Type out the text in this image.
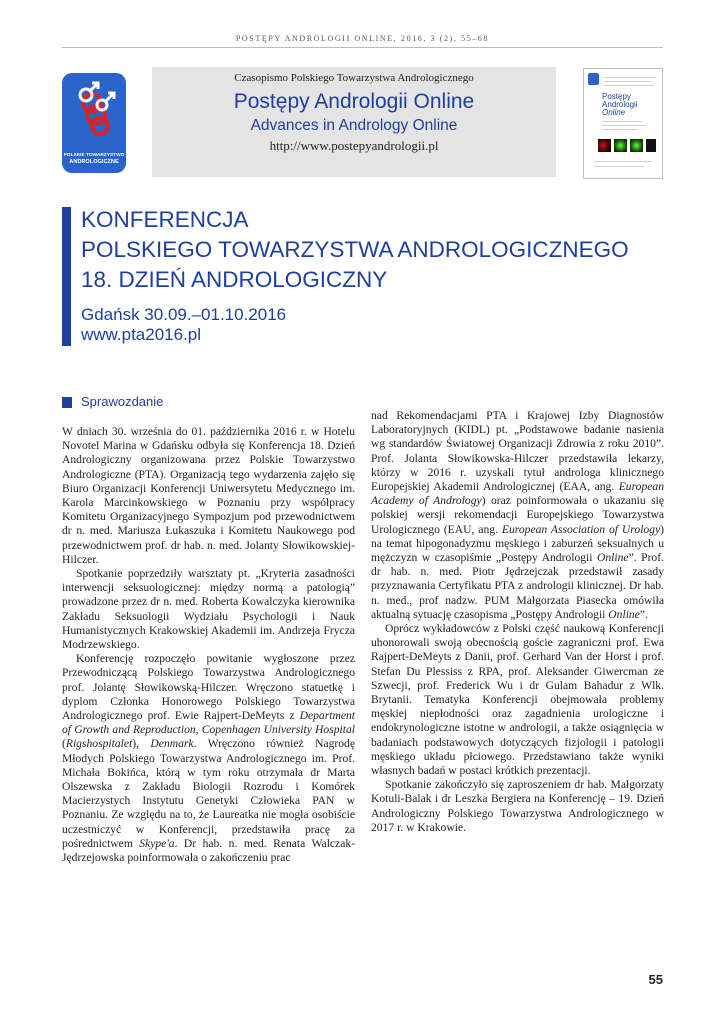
POSTĘPY ANDROLOGII ONLINE, 2016, 3 (2), 55–68
POLSKIE TOWARZYSTWO
ANDROLOGICZNE
Czasopismo Polskiego Towarzystwa Andrologicznego
Postępy Andrologii Online
Advances in Andrology Online
http://www.postepyandrologii.pl
Postępy
Andrologii
Online
KONFERENCJA
POLSKIEGO TOWARZYSTWA ANDROLOGICZNEGO
18. DZIEŃ ANDROLOGICZNY
Gdańsk 30.09.–01.10.2016
www.pta2016.pl
Sprawozdanie

W dniach 30. września do 01. października 2016 r. w Hotelu Novotel Marina w Gdańsku odbyła się Konferencja 18. Dzień Andrologiczny organizowana przez Polskie Towarzystwo Andrologiczne (PTA). Organizacją tego wydarzenia zajęło się Biuro Organizacji Konferencji Uniwersytetu Medycznego im. Karola Marcinkowskiego w Poznaniu przy współpracy Komitetu Organizacyjnego Sympozjum pod przewodnictwem dr n. med. Mariusza Łukaszuka i Komitetu Naukowego pod przewodnictwem prof. dr hab. n. med. Jolanty Słowikowskiej-Hilczer.

Spotkanie poprzedziły warsztaty pt. „Kryteria zasadności interwencji seksuologicznej: między normą a patologią” prowadzone przez dr n. med. Roberta Kowalczyka kierownika Zakładu Seksuologii Wydziału Psychologii i Nauk Humanistycznych Krakowskiej Akademii im. Andrzeja Frycza Modrzewskiego.

Konferencję rozpoczęło powitanie wygłoszone przez Przewodniczącą Polskiego Towarzystwa Andrologicznego prof. Jolantę Słowikowską-Hilczer. Wręczono statuetkę i dyplom Członka Honorowego Polskiego Towarzystwa Andrologicznego prof. Ewie Rajpert-DeMeyts z Department of Growth and Reproduction, Copenhagen University Hospital (Rigshospitalet), Denmark. Wręczono również Nagrodę Młodych Polskiego Towarzystwa Andrologicznego im. Prof. Michała Bokińca, którą w tym roku otrzymała dr Marta Olszewska z Zakładu Biologii Rozrodu i Komórek Macierzystych Instytutu Genetyki Człowieka PAN w Poznaniu. Ze względu na to, że Laureatka nie mogła osobiście uczestniczyć w Konferencji, przedstawiła pracę za pośrednictwem Skype'a. Dr hab. n. med. Renata Walczak-Jędrzejowska poinformowała o zakończeniu prac

nad Rekomendacjami PTA i Krajowej Izby Diagnostów Laboratoryjnych (KIDL) pt. „Podstawowe badanie nasienia wg standardów Światowej Organizacji Zdrowia z roku 2010”. Prof. Jolanta Słowikowska-Hilczer przedstawiła lekarzy, którzy w 2016 r. uzyskali tytuł androloga klinicznego Europejskiej Akademii Andrologicznej (EAA, ang. European Academy of Andrology) oraz poinformowała o ukazaniu się polskiej wersji rekomendacji Europejskiego Towarzystwa Urologicznego (EAU, ang. European Association of Urology) na temat hipogonadyzmu męskiego i zaburzeń seksualnych u mężczyzn w czasopiśmie „Postępy Andrologii Online”. Prof. dr hab. n. med. Piotr Jędrzejczak przedstawił zasady przyznawania Certyfikatu PTA z andrologii klinicznej. Dr hab. n. med., prof nadzw. PUM Małgorzata Piasecka omówiła aktualną sytuację czasopisma „Postępy Andrologii Online”.

Oprócz wykładowców z Polski część naukową Konferencji uhonorowali swoją obecnością goście zagraniczni prof. Ewa Rajpert-DeMeyts z Danii, prof. Gerhard Van der Horst i prof. Stefan Du Plessiss z RPA, prof. Aleksander Giwercman ze Szwecji, prof. Frederick Wu i dr Gulam Bahadur z Wlk. Brytanii. Tematyka Konferencji obejmowała problemy męskiej niepłodności oraz zagadnienia urologiczne i endokrynologiczne istotne w andrologii, a także osiągnięcia w badaniach podstawowych dotyczących fizjologii i patologii męskiego układu płciowego. Przedstawiano także wyniki własnych badań w postaci krótkich prezentacji.

Spotkanie zakończyło się zaproszeniem dr hab. Małgorzaty Kotuli-Balak i dr Leszka Bergiera na Konferencję – 19. Dzień Andrologiczny Polskiego Towarzystwa Andrologicznego w 2017 r. w Krakowie.

55
